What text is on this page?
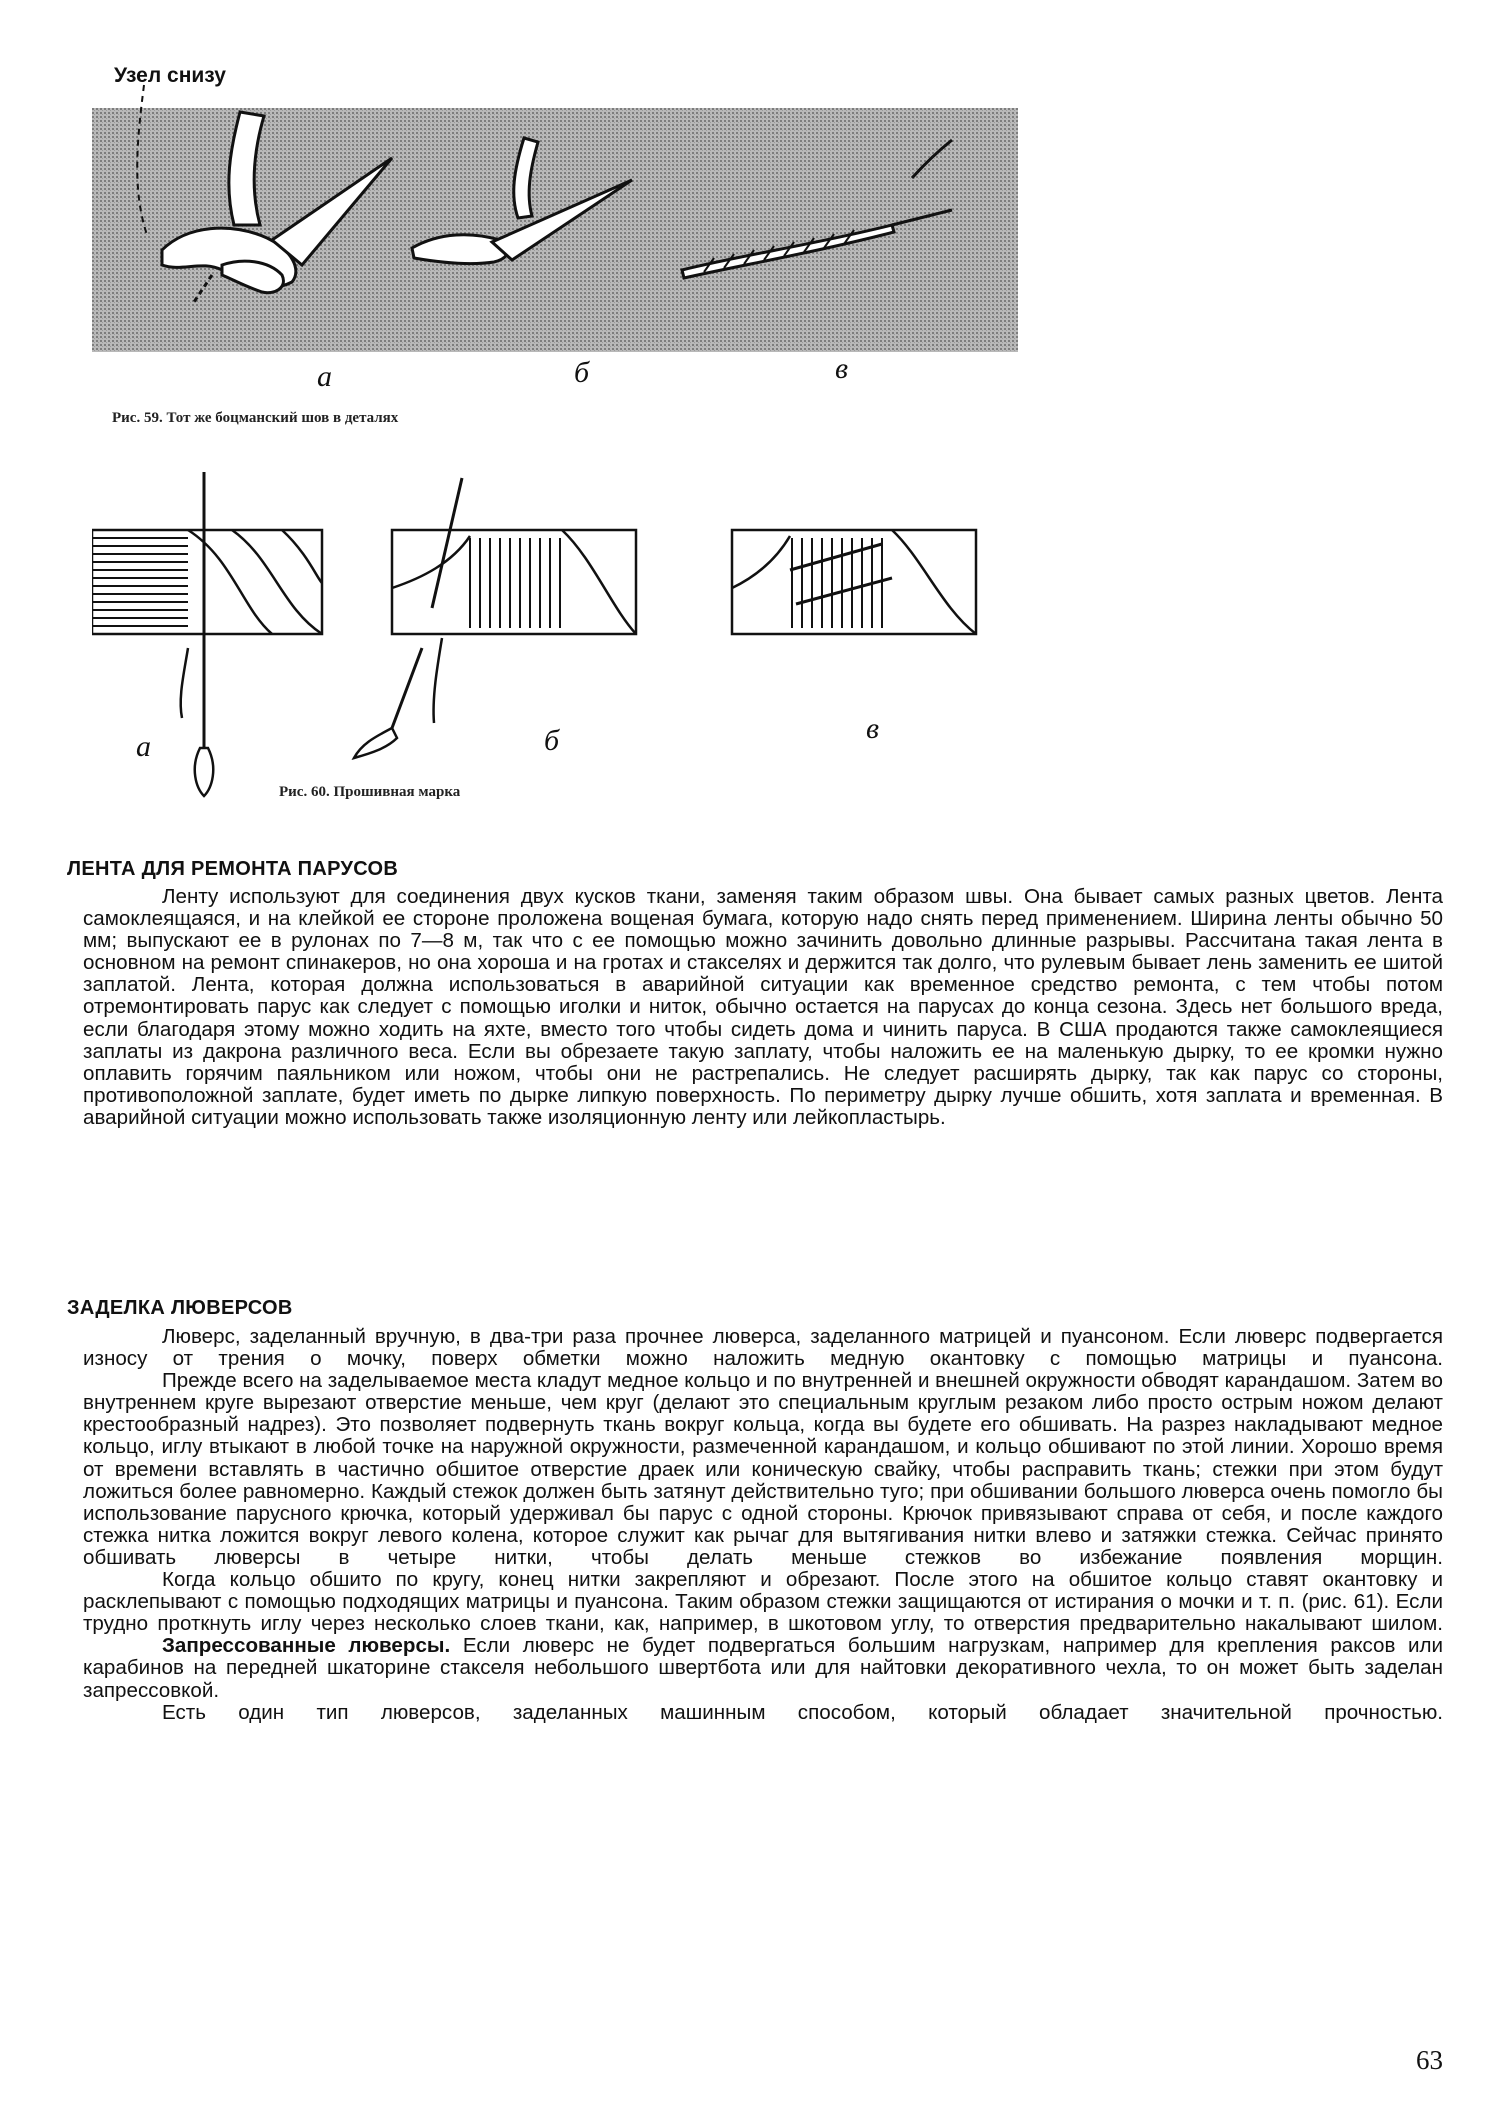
Узел снизу
а	б	в
Рис. 59. Тот же боцманский шов в деталях
а	б	в
Рис. 60. Прошивная марка
ЛЕНТА ДЛЯ РЕМОНТА ПАРУСОВ

Ленту используют для соединения двух кусков ткани, заменяя таким образом швы. Она бывает самых разных цветов. Лента самоклеящаяся, и на клейкой ее стороне проложена вощеная бумага, которую надо снять перед применением. Ширина ленты обычно 50 мм; выпускают ее в рулонах по 7—8 м, так что с ее помощью можно зачинить довольно длинные разрывы. Рассчитана такая лента в основном на ремонт спинакеров, но она хороша и на гротах и стакселях и держится так долго, что рулевым бывает лень заменить ее шитой заплатой. Лента, которая должна использоваться в аварийной ситуации как временное средство ремонта, с тем чтобы потом отремонтировать парус как следует с помощью иголки и ниток, обычно остается на парусах до конца сезона. Здесь нет большого вреда, если благодаря этому можно ходить на яхте, вместо того чтобы сидеть дома и чинить паруса. В США продаются также самоклеящиеся заплаты из дакрона различного веса. Если вы обрезаете такую заплату, чтобы наложить ее на маленькую дырку, то ее кромки нужно оплавить горячим паяльником или ножом, чтобы они не растрепались. Не следует расширять дырку, так как парус со стороны, противоположной заплате, будет иметь по дырке липкую поверхность. По периметру дырку лучше обшить, хотя заплата и временная. В аварийной ситуации можно использовать также изоляционную ленту или лейкопластырь.

ЗАДЕЛКА ЛЮВЕРСОВ

Люверс, заделанный вручную, в два-три раза прочнее люверса, заделанного матрицей и пуансоном. Если люверс подвергается износу от трения о мочку, поверх обметки можно наложить медную окантовку с помощью матрицы и пуансона.

Прежде всего на заделываемое места кладут медное кольцо и по внутренней и внешней окружности обводят карандашом. Затем во внутреннем круге вырезают отверстие меньше, чем круг (делают это специальным круглым резаком либо просто острым ножом делают крестообразный надрез). Это позволяет подвернуть ткань вокруг кольца, когда вы будете его обшивать. На разрез накладывают медное кольцо, иглу втыкают в любой точке на наружной окружности, размеченной карандашом, и кольцо обшивают по этой линии. Хорошо время от времени вставлять в частично обшитое отверстие драек или коническую свайку, чтобы расправить ткань; стежки при этом будут ложиться более равномерно. Каждый стежок должен быть затянут действительно туго; при обшивании большого люверса очень помогло бы использование парусного крючка, который удерживал бы парус с одной стороны. Крючок привязывают справа от себя, и после каждого стежка нитка ложится вокруг левого колена, которое служит как рычаг для вытягивания нитки влево и затяжки стежка. Сейчас принято обшивать люверсы в четыре нитки, чтобы делать меньше стежков во избежание появления морщин.

Когда кольцо обшито по кругу, конец нитки закрепляют и обрезают. После этого на обшитое кольцо ставят окантовку и расклепывают с помощью подходящих матрицы и пуансона. Таким образом стежки защищаются от истирания о мочки и т. п. (рис. 61). Если трудно проткнуть иглу через несколько слоев ткани, как, например, в шкотовом углу, то отверстия предварительно накалывают шилом.

Запрессованные люверсы. Если люверс не будет подвергаться большим нагрузкам, например для крепления раксов или карабинов на передней шкаторине стакселя небольшого швертбота или для найтовки декоративного чехла, то он может быть заделан запрессовкой.

Есть один тип люверсов, заделанных машинным способом, который обладает значительной прочностью.

63
